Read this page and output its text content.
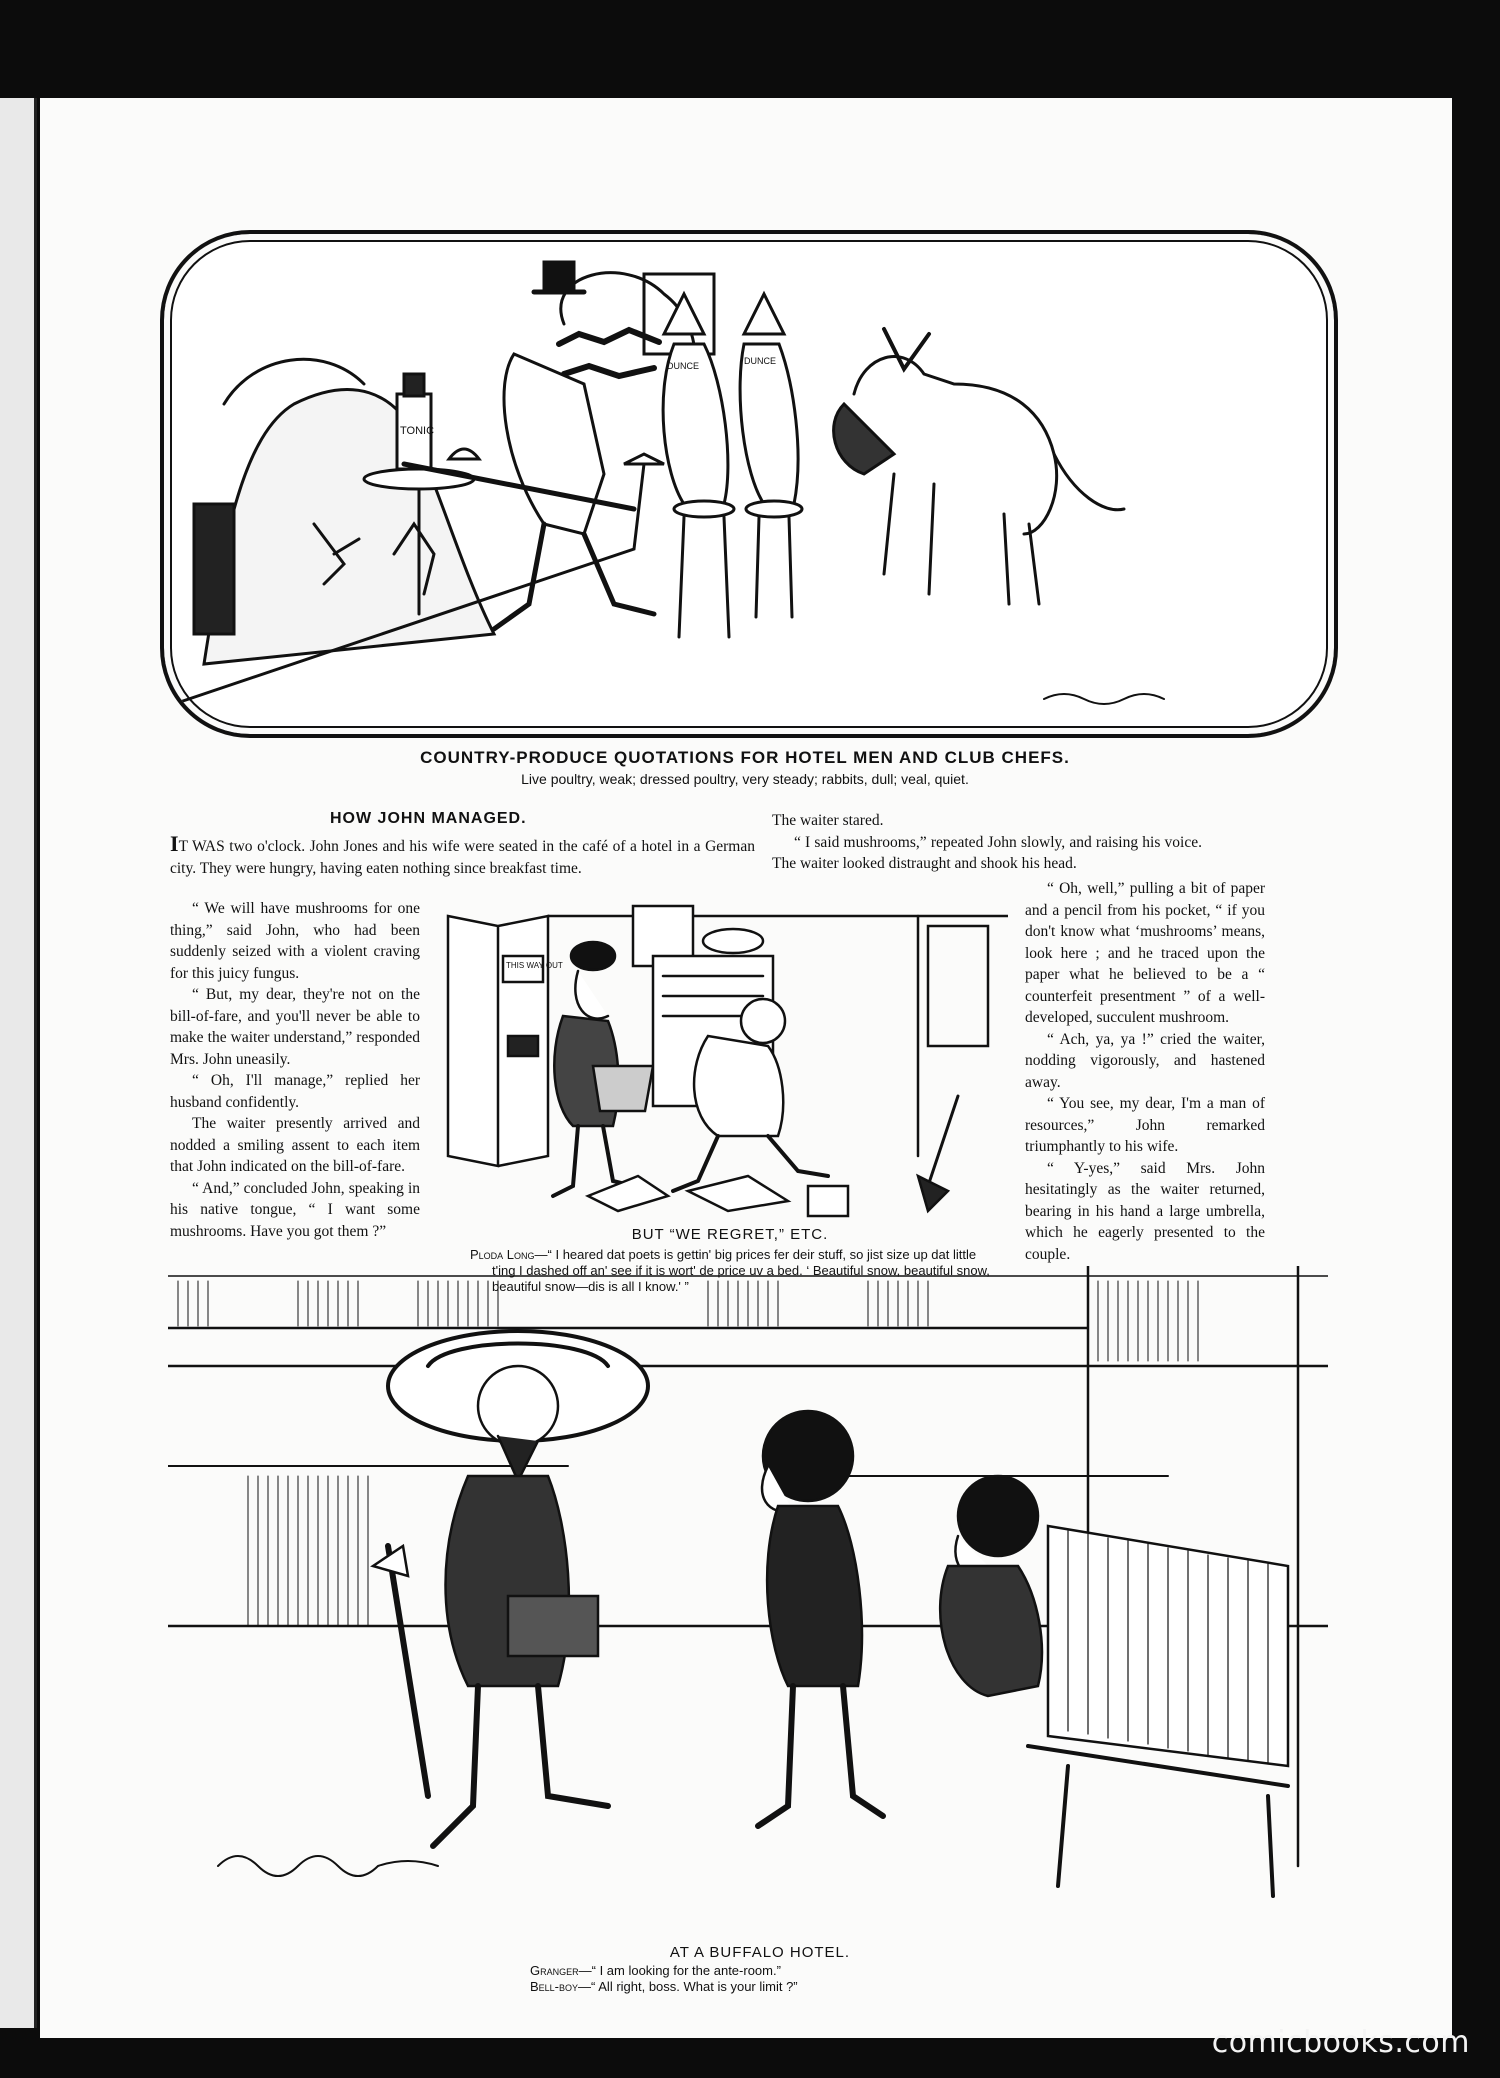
TONIC
DUNCE	DUNCE
COUNTRY-PRODUCE QUOTATIONS FOR HOTEL MEN AND CLUB CHEFS.
Live poultry, weak; dressed poultry, very steady; rabbits, dull; veal, quiet.
HOW JOHN MANAGED.

IT WAS two o'clock. John Jones and his wife were seated in the café of a hotel in a German city. They were hungry, having eaten nothing since breakfast time.

“ We will have mushrooms for one thing,” said John, who had been suddenly seized with a violent craving for this juicy fungus.

“ But, my dear, they're not on the bill-of-fare, and you'll never be able to make the waiter understand,” responded Mrs. John uneasily.

“ Oh, I'll manage,” replied her husband confidently.

The waiter presently arrived and nodded a smiling assent to each item that John indicated on the bill-of-fare.

“ And,” concluded John, speaking in his native tongue, “ I want some mushrooms. Have you got them ?”

The waiter stared.

“ I said mushrooms,” repeated John slowly, and raising his voice. The waiter looked distraught and shook his head.

“ Oh, well,” pulling a bit of paper and a pencil from his pocket, “ if you don't know what ‘mushrooms’ means, look here ; and he traced upon the paper what he believed to be a “ counterfeit presentment ” of a well-developed, succulent mushroom.

“ Ach, ya, ya !” cried the waiter, nodding vigorously, and hastened away.

“ You see, my dear, I'm a man of resources,” John remarked triumphantly to his wife.

“ Y-yes,” said Mrs. John hesitatingly as the waiter returned, bearing in his hand a large umbrella, which he eagerly presented to the couple.

THIS WAY OUT
BUT “WE REGRET,” ETC.
Ploda Long—“ I heared dat poets is gettin' big prices fer deir stuff, so jist size up dat little t'ing I dashed off an' see if it is wort' de price uv a bed. ‘ Beautiful snow, beautiful snow, beautiful snow—dis is all I know.' ”
AT A BUFFALO HOTEL.
Granger—“ I am looking for the ante-room.”
Bell-boy—“ All right, boss. What is your limit ?”
comicbooks.com
